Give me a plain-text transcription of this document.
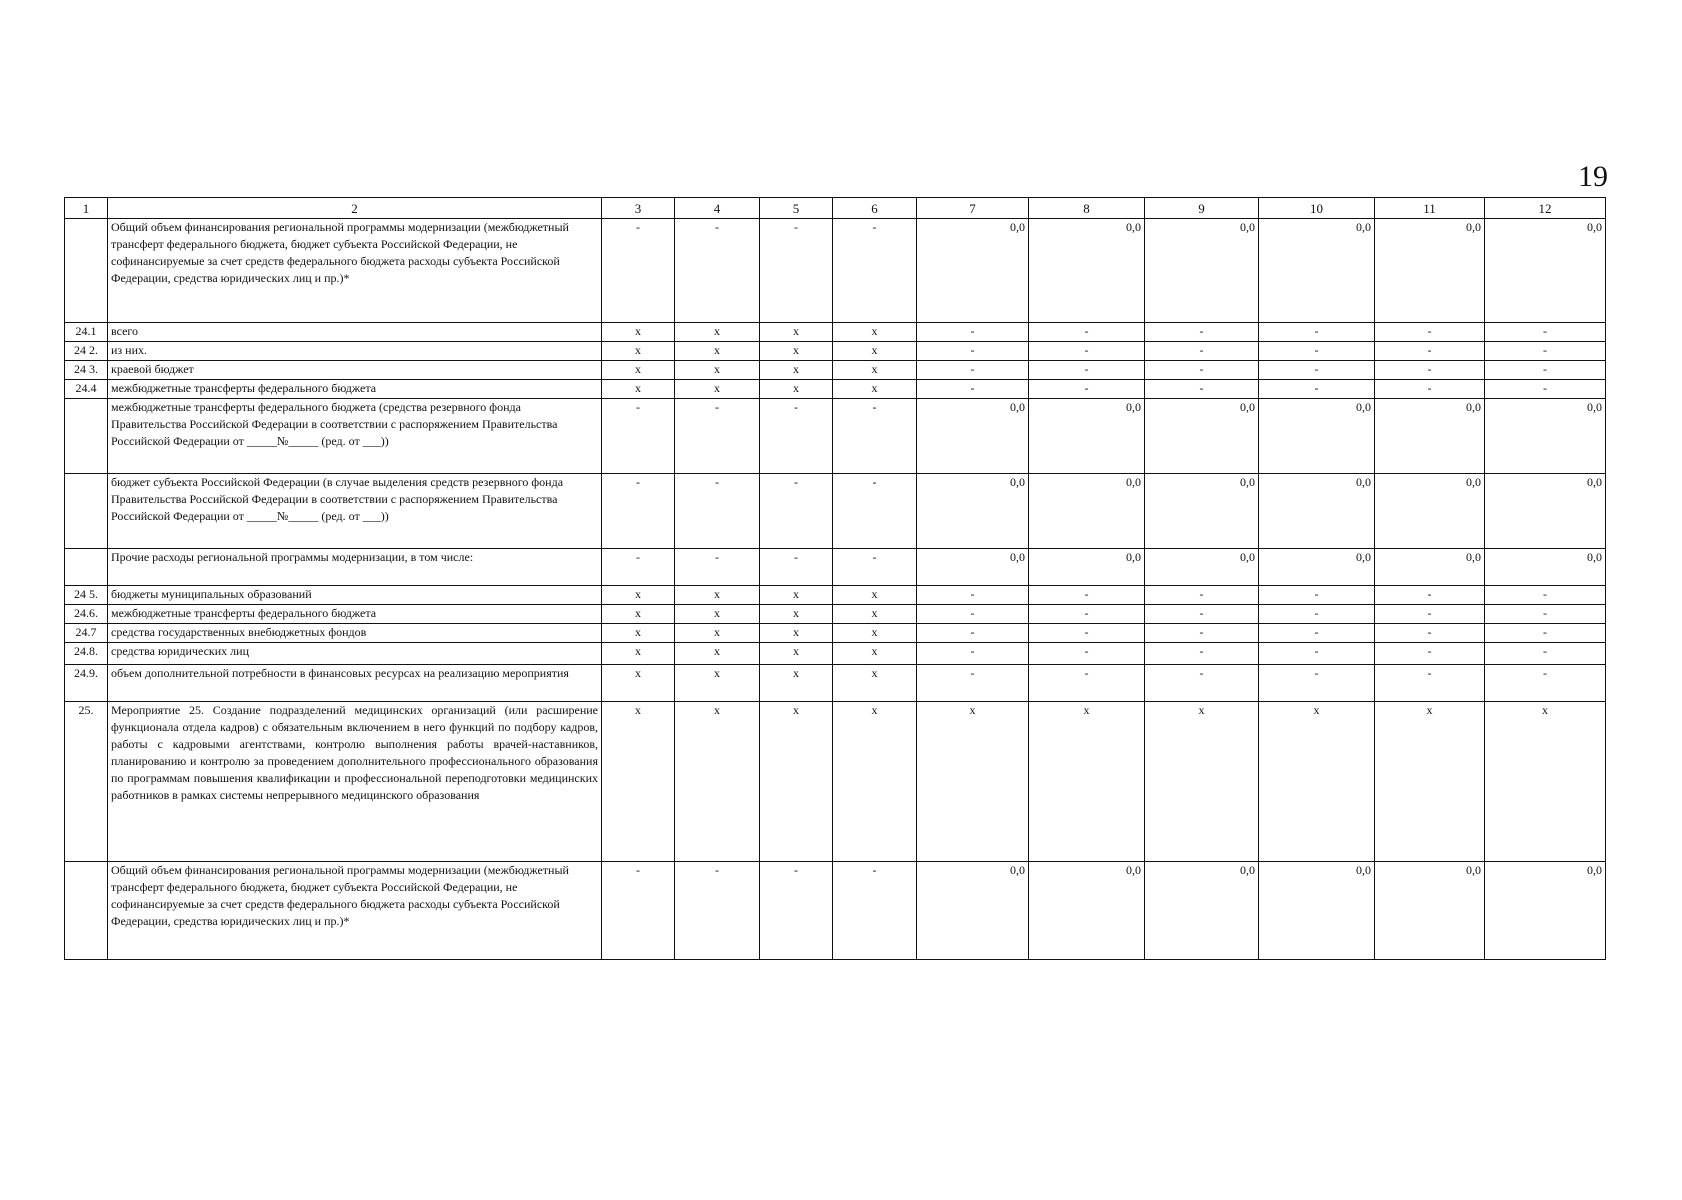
19
1	2	3	4	5	6	7	8	9	10	11	12
	Общий объем финансирования региональной программы модернизации (межбюджетный трансферт федерального бюджета, бюджет субъекта Российской Федерации, не софинансируемые за счет средств федерального бюджета расходы субъекта Российской Федерации, средства юридических лиц и пр.)*	-	-	-	-	0,0	0,0	0,0	0,0	0,0	0,0
24.1	всего	x	x	x	x	-	-	-	-	-	-
24 2.	из них.	x	x	x	x	-	-	-	-	-	-
24 3.	краевой бюджет	x	x	x	x	-	-	-	-	-	-
24.4	межбюджетные трансферты федерального бюджета	x	x	x	x	-	-	-	-	-	-
	межбюджетные трансферты федерального бюджета (средства резервного фонда Правительства Российской Федерации в соответствии с распоряжением Правительства Российской Федерации от _____№_____ (ред. от ___))	-	-	-	-	0,0	0,0	0,0	0,0	0,0	0,0
	бюджет субъекта Российской Федерации (в случае выделения средств резервного фонда Правительства Российской Федерации в соответствии с распоряжением Правительства Российской Федерации от _____№_____ (ред. от ___))	-	-	-	-	0,0	0,0	0,0	0,0	0,0	0,0
	Прочие расходы региональной программы модернизации, в том числе:	-	-	-	-	0,0	0,0	0,0	0,0	0,0	0,0
24 5.	бюджеты муниципальных образований	x	x	x	x	-	-	-	-	-	-
24.6.	межбюджетные трансферты федерального бюджета	x	x	x	x	-	-	-	-	-	-
24.7	средства государственных внебюджетных фондов	x	x	x	x	-	-	-	-	-	-
24.8.	средства юридических лиц	x	x	x	x	-	-	-	-	-	-
24.9.	объем дополнительной потребности в финансовых ресурсах на реализацию мероприятия	x	x	x	x	-	-	-	-	-	-
25.	Мероприятие 25. Создание подразделений медицинских организаций (или расширение функционала отдела кадров) с обязательным включением в него функций по подбору кадров, работы с кадровыми агентствами, контролю выполнения работы врачей-наставников, планированию и контролю за проведением дополнительного профессионального образования по программам повышения квалификации и профессиональной переподготовки медицинских работников в рамках системы непрерывного медицинского образования	x	x	x	x	x	x	x	x	x	x
	Общий объем финансирования региональной программы модернизации (межбюджетный трансферт федерального бюджета, бюджет субъекта Российской Федерации, не софинансируемые за счет средств федерального бюджета расходы субъекта Российской Федерации, средства юридических лиц и пр.)*	-	-	-	-	0,0	0,0	0,0	0,0	0,0	0,0
